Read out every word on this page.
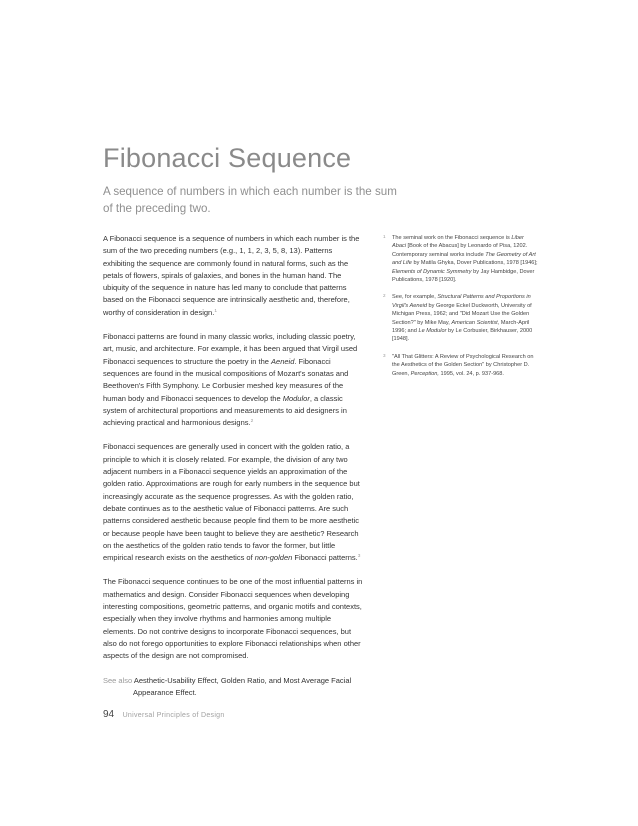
Fibonacci Sequence
A sequence of numbers in which each number is the sum of the preceding two.

A Fibonacci sequence is a sequence of numbers in which each number is the sum of the two preceding numbers (e.g., 1, 1, 2, 3, 5, 8, 13). Patterns exhibiting the sequence are commonly found in natural forms, such as the petals of flowers, spirals of galaxies, and bones in the human hand. The ubiquity of the sequence in nature has led many to conclude that patterns based on the Fibonacci sequence are intrinsically aesthetic and, therefore, worthy of consideration in design.$^1$

Fibonacci patterns are found in many classic works, including classic poetry, art, music, and architecture. For example, it has been argued that Virgil used Fibonacci sequences to structure the poetry in the Aeneid. Fibonacci sequences are found in the musical compositions of Mozart's sonatas and Beethoven's Fifth Symphony. Le Corbusier meshed key measures of the human body and Fibonacci sequences to develop the Modulor, a classic system of architectural proportions and measurements to aid designers in achieving practical and harmonious designs.$^2$

Fibonacci sequences are generally used in concert with the golden ratio, a principle to which it is closely related. For example, the division of any two adjacent numbers in a Fibonacci sequence yields an approximation of the golden ratio. Approximations are rough for early numbers in the sequence but increasingly accurate as the sequence progresses. As with the golden ratio, debate continues as to the aesthetic value of Fibonacci patterns. Are such patterns considered aesthetic because people find them to be more aesthetic or because people have been taught to believe they are aesthetic? Research on the aesthetics of the golden ratio tends to favor the former, but little empirical research exists on the aesthetics of non-golden Fibonacci patterns.$^3$

The Fibonacci sequence continues to be one of the most influential patterns in mathematics and design. Consider Fibonacci sequences when developing interesting compositions, geometric patterns, and organic motifs and contexts, especially when they involve rhythms and harmonies among multiple elements. Do not contrive designs to incorporate Fibonacci sequences, but also do not forego opportunities to explore Fibonacci relationships when other aspects of the design are not compromised.

See also Aesthetic-Usability Effect, Golden Ratio, and Most Average Facial
Appearance Effect.

1 The seminal work on the Fibonacci sequence is Liber Abaci [Book of the Abacus] by Leonardo of Pisa, 1202. Contemporary seminal works include The Geometry of Art and Life by Matila Ghyka, Dover Publications, 1978 [1946]; Elements of Dynamic Symmetry by Jay Hambidge, Dover Publications, 1978 [1920].
2 See, for example, Structural Patterns and Proportions in Virgil's Aeneid by George Eckel Duckworth, University of Michigan Press, 1962; and "Did Mozart Use the Golden Section?" by Mike May, American Scientist, March-April 1996; and Le Modulor by Le Corbusier, Birkhauser, 2000 [1948].
3 "All That Glitters: A Review of Psychological Research on the Aesthetics of the Golden Section" by Christopher D. Green, Perception, 1995, vol. 24, p. 937-968.
94 Universal Principles of Design
